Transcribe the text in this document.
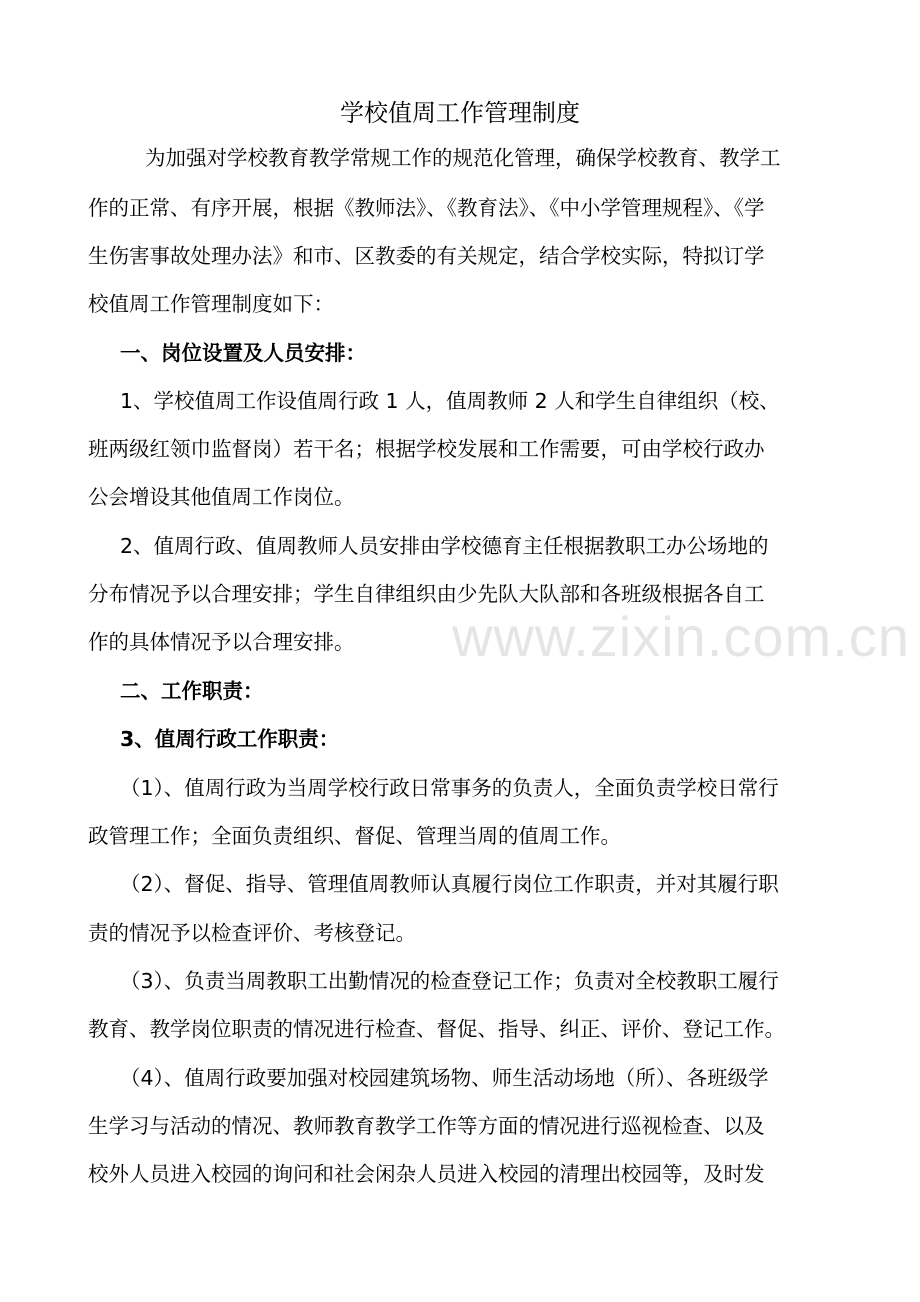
学校值周工作管理制度
为加强对学校教育教学常规工作的规范化管理，确保学校教育、教学工
作的正常、有序开展，根据《教师法》、《教育法》、《中小学管理规程》、《学
生伤害事故处理办法》和市、区教委的有关规定，结合学校实际，特拟订学
校值周工作管理制度如下：
一、岗位设置及人员安排：
1、学校值周工作设值周行政 1 人，值周教师 2 人和学生自律组织（校、
班两级红领巾监督岗）若干名；根据学校发展和工作需要，可由学校行政办
公会增设其他值周工作岗位。
2、值周行政、值周教师人员安排由学校德育主任根据教职工办公场地的
分布情况予以合理安排；学生自律组织由少先队大队部和各班级根据各自工
作的具体情况予以合理安排。
二、工作职责：
3、值周行政工作职责：
（1）、值周行政为当周学校行政日常事务的负责人，全面负责学校日常行
政管理工作；全面负责组织、督促、管理当周的值周工作。
（2）、督促、指导、管理值周教师认真履行岗位工作职责，并对其履行职
责的情况予以检查评价、考核登记。
（3）、负责当周教职工出勤情况的检查登记工作；负责对全校教职工履行
教育、教学岗位职责的情况进行检查、督促、指导、纠正、评价、登记工作。
（4）、值周行政要加强对校园建筑场物、师生活动场地（所）、各班级学
生学习与活动的情况、教师教育教学工作等方面的情况进行巡视检查、以及
校外人员进入校园的询问和社会闲杂人员进入校园的清理出校园等，及时发
www.zixin.com.cn
